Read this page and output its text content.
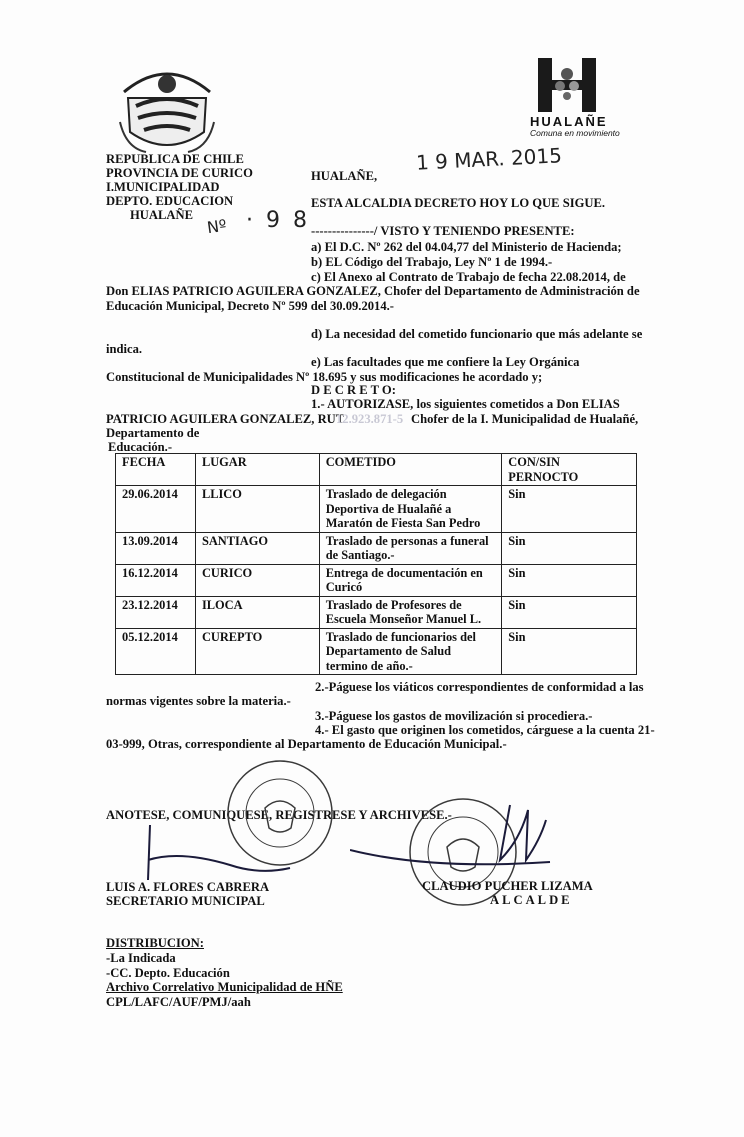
HUALAÑE
Comuna en movimiento
REPUBLICA DE CHILE
PROVINCIA DE CURICO
I.MUNICIPALIDAD
DEPTO. EDUCACION
HUALAÑE
HUALAÑE,
1 9 MAR. 2015
Nº · 9 8
ESTA ALCALDIA DECRETO HOY LO QUE SIGUE.
---------------/ VISTO Y TENIENDO PRESENTE:
a) El D.C. Nº 262 del 04.04,77 del Ministerio de Hacienda;
b) EL Código del Trabajo, Ley Nº 1 de 1994.-
c) El Anexo al Contrato de Trabajo de fecha 22.08.2014, de
Don ELIAS PATRICIO AGUILERA GONZALEZ, Chofer del Departamento de Administración de
Educación Municipal, Decreto Nº 599 del 30.09.2014.-
d) La necesidad del cometido funcionario que más adelante se
indica.
e) Las facultades que me confiere la Ley Orgánica
Constitucional de Municipalidades Nº 18.695 y sus modificaciones he acordado y;
D E C R E T O:
1.- AUTORIZASE, los siguientes cometidos a Don ELIAS
PATRICIO AGUILERA GONZALEZ, RUT
12.923.871-5 Chofer de la I. Municipalidad de Hualañé,
Departamento de
Educación.-
FECHA	LUGAR	COMETIDO	CON/SIN PERNOCTO
29.06.2014	LLICO	Traslado de delegación Deportiva de Hualañé a Maratón de Fiesta San Pedro	Sin
13.09.2014	SANTIAGO	Traslado de personas a funeral de Santiago.-	Sin
16.12.2014	CURICO	Entrega de documentación en Curicó	Sin
23.12.2014	ILOCA	Traslado de Profesores de Escuela Monseñor Manuel L.	Sin
05.12.2014	CUREPTO	Traslado de funcionarios del Departamento de Salud termino de año.-	Sin
2.-Páguese los viáticos correspondientes de conformidad a las
normas vigentes sobre la materia.-
3.-Páguese los gastos de movilización si procediera.-
4.- El gasto que originen los cometidos, cárguese a la cuenta 21-
03-999, Otras, correspondiente al Departamento de Educación Municipal.-
ANOTESE, COMUNIQUESE, REGISTRESE Y ARCHIVESE.-
LUIS A. FLORES CABRERA
SECRETARIO MUNICIPAL
CLAUDIO PUCHER LIZAMA
ALCALDE
DISTRIBUCION:
-La Indicada
-CC. Depto. Educación
Archivo Correlativo Municipalidad de HÑE
CPL/LAFC/AUF/PMJ/aah
